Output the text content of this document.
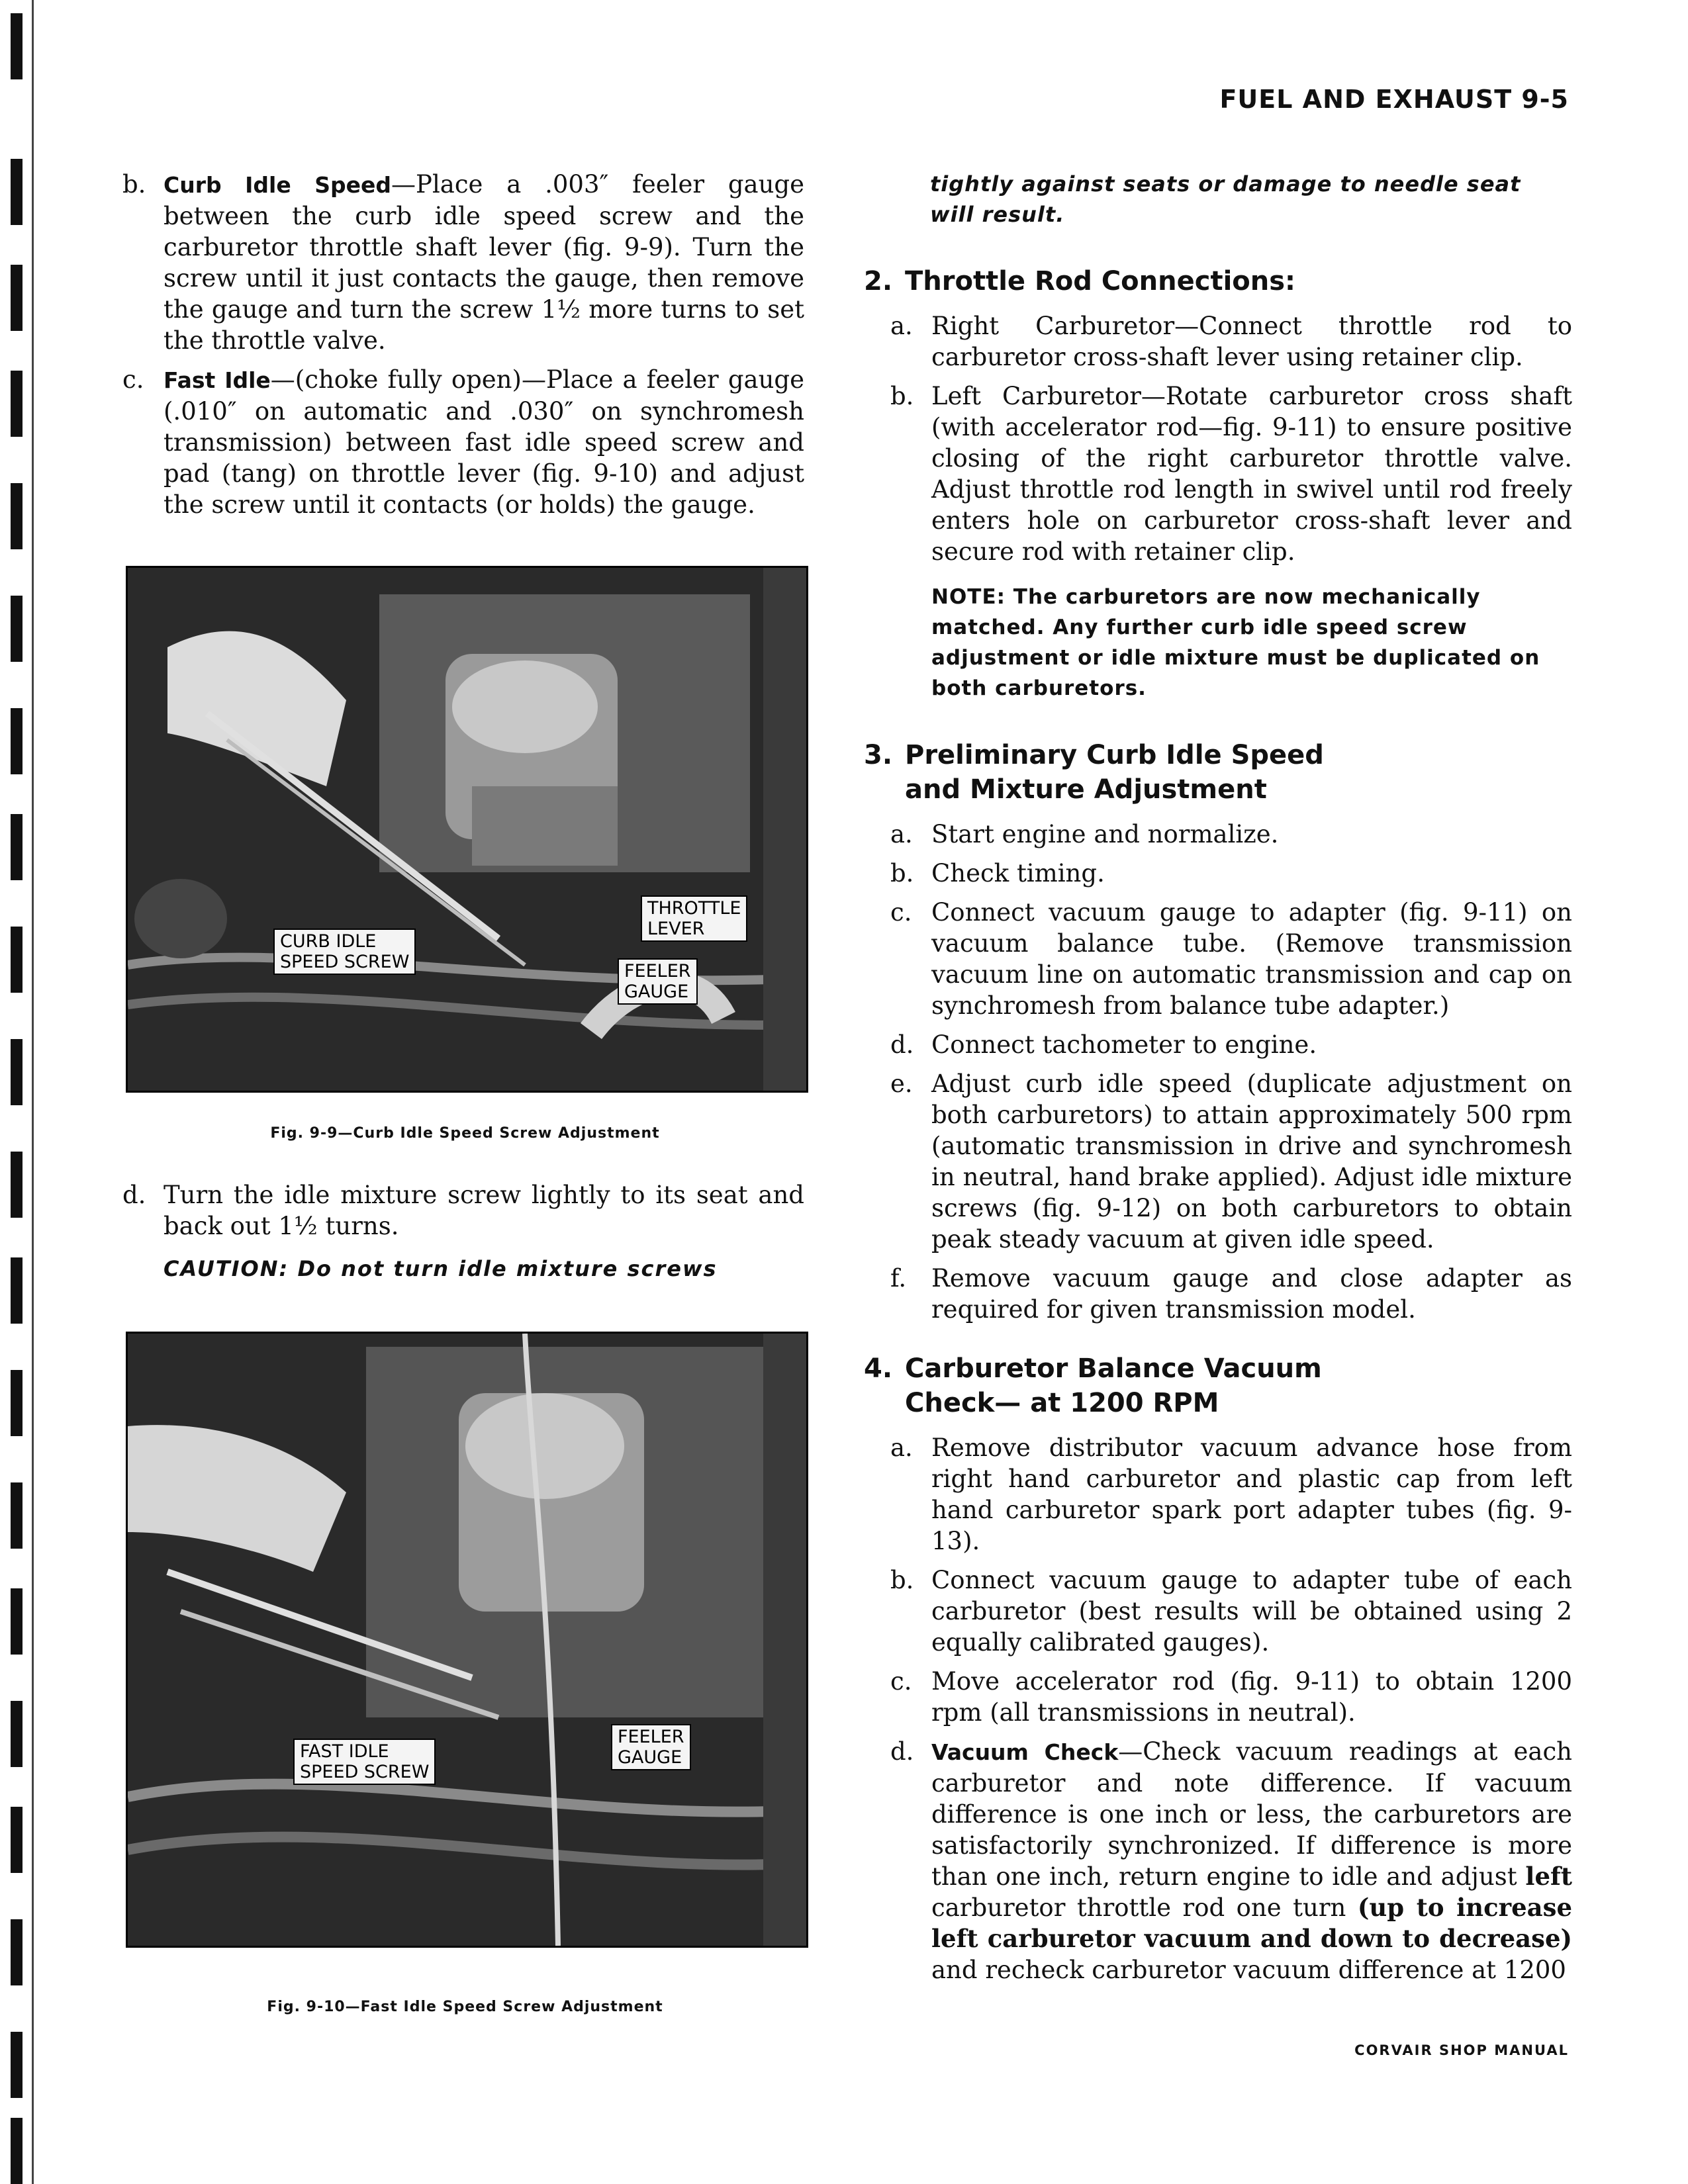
FUEL AND EXHAUST 9-5

b. Curb Idle Speed—Place a .003″ feeler gauge between the curb idle speed screw and the carburetor throttle shaft lever (fig. 9-9). Turn the screw until it just contacts the gauge, then remove the gauge and turn the screw 1½ more turns to set the throttle valve.

c. Fast Idle—(choke fully open)—Place a feeler gauge (.010″ on automatic and .030″ on synchromesh transmission) between fast idle speed screw and pad (tang) on throttle lever (fig. 9-10) and adjust the screw until it contacts (or holds) the gauge.

CURB IDLE
SPEED SCREW
THROTTLE
LEVER
FEELER
GAUGE
Fig. 9-9—Curb Idle Speed Screw Adjustment

d. Turn the idle mixture screw lightly to its seat and back out 1½ turns.

CAUTION: Do not turn idle mixture screws

FAST IDLE
SPEED SCREW
FEELER
GAUGE
Fig. 9-10—Fast Idle Speed Screw Adjustment

tightly against seats or damage to needle seat will result.

2. Throttle Rod Connections:

a. Right Carburetor—Connect throttle rod to carburetor cross-shaft lever using retainer clip.

b. Left Carburetor—Rotate carburetor cross shaft (with accelerator rod—fig. 9-11) to ensure positive closing of the right carburetor throttle valve. Adjust throttle rod length in swivel until rod freely enters hole on carburetor cross-shaft lever and secure rod with retainer clip.

NOTE: The carburetors are now mechanically matched. Any further curb idle speed screw adjustment or idle mixture must be duplicated on both carburetors.

3. Preliminary Curb Idle Speed and Mixture Adjustment

a. Start engine and normalize.

b. Check timing.

c. Connect vacuum gauge to adapter (fig. 9-11) on vacuum balance tube. (Remove transmission vacuum line on automatic transmission and cap on synchromesh from balance tube adapter.)

d. Connect tachometer to engine.

e. Adjust curb idle speed (duplicate adjustment on both carburetors) to attain approximately 500 rpm (automatic transmission in drive and synchromesh in neutral, hand brake applied). Adjust idle mixture screws (fig. 9-12) on both carburetors to obtain peak steady vacuum at given idle speed.

f. Remove vacuum gauge and close adapter as required for given transmission model.

4. Carburetor Balance Vacuum Check— at 1200 RPM

a. Remove distributor vacuum advance hose from right hand carburetor and plastic cap from left hand carburetor spark port adapter tubes (fig. 9-13).

b. Connect vacuum gauge to adapter tube of each carburetor (best results will be obtained using 2 equally calibrated gauges).

c. Move accelerator rod (fig. 9-11) to obtain 1200 rpm (all transmissions in neutral).

d. Vacuum Check—Check vacuum readings at each carburetor and note difference. If vacuum difference is one inch or less, the carburetors are satisfactorily synchronized. If difference is more than one inch, return engine to idle and adjust left carburetor throttle rod one turn (up to increase left carburetor vacuum and down to decrease) and recheck carburetor vacuum difference at 1200

CORVAIR SHOP MANUAL
